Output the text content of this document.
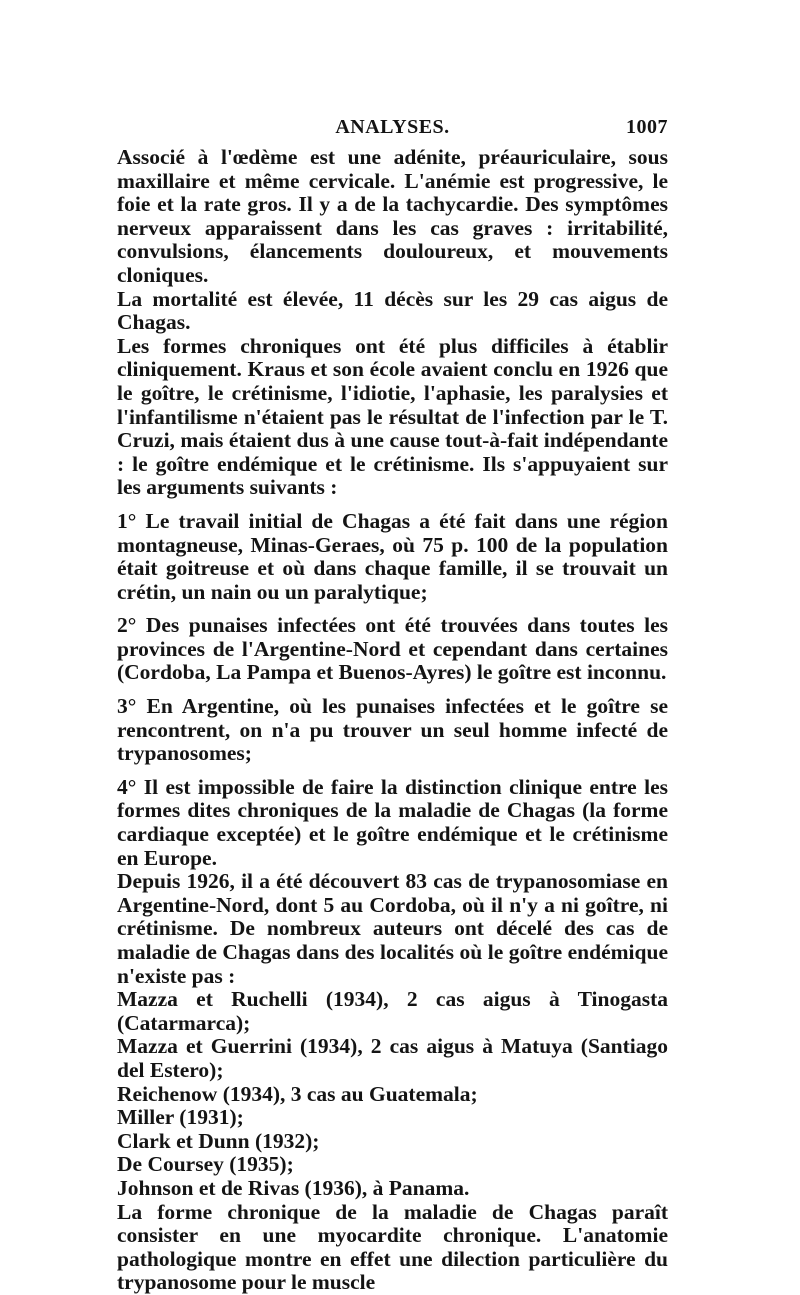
ANALYSES.	1007

Associé à l'œdème est une adénite, préauriculaire, sous maxillaire et même cervicale. L'anémie est progressive, le foie et la rate gros. Il y a de la tachycardie. Des symptômes nerveux apparaissent dans les cas graves : irritabilité, convulsions, élancements douloureux, et mouvements cloniques.

La mortalité est élevée, 11 décès sur les 29 cas aigus de Chagas.

Les formes chroniques ont été plus difficiles à établir cliniquement. Kraus et son école avaient conclu en 1926 que le goître, le crétinisme, l'idiotie, l'aphasie, les paralysies et l'infantilisme n'étaient pas le résultat de l'infection par le T. Cruzi, mais étaient dus à une cause tout-à-fait indépendante : le goître endémique et le crétinisme. Ils s'appuyaient sur les arguments suivants :

1° Le travail initial de Chagas a été fait dans une région montagneuse, Minas-Geraes, où 75 p. 100 de la population était goitreuse et où dans chaque famille, il se trouvait un crétin, un nain ou un paralytique;

2° Des punaises infectées ont été trouvées dans toutes les provinces de l'Argentine-Nord et cependant dans certaines (Cordoba, La Pampa et Buenos-Ayres) le goître est inconnu.

3° En Argentine, où les punaises infectées et le goître se rencontrent, on n'a pu trouver un seul homme infecté de trypanosomes;

4° Il est impossible de faire la distinction clinique entre les formes dites chroniques de la maladie de Chagas (la forme cardiaque exceptée) et le goître endémique et le crétinisme en Europe.

Depuis 1926, il a été découvert 83 cas de trypanosomiase en Argentine-Nord, dont 5 au Cordoba, où il n'y a ni goître, ni crétinisme. De nombreux auteurs ont décelé des cas de maladie de Chagas dans des localités où le goître endémique n'existe pas :

Mazza et Ruchelli (1934), 2 cas aigus à Tinogasta (Catarmarca);

Mazza et Guerrini (1934), 2 cas aigus à Matuya (Santiago del Estero);

Reichenow (1934), 3 cas au Guatemala;

Miller (1931);

Clark et Dunn (1932);

De Coursey (1935);

Johnson et de Rivas (1936), à Panama.

La forme chronique de la maladie de Chagas paraît consister en une myocardite chronique. L'anatomie pathologique montre en effet une dilection particulière du trypanosome pour le muscle
